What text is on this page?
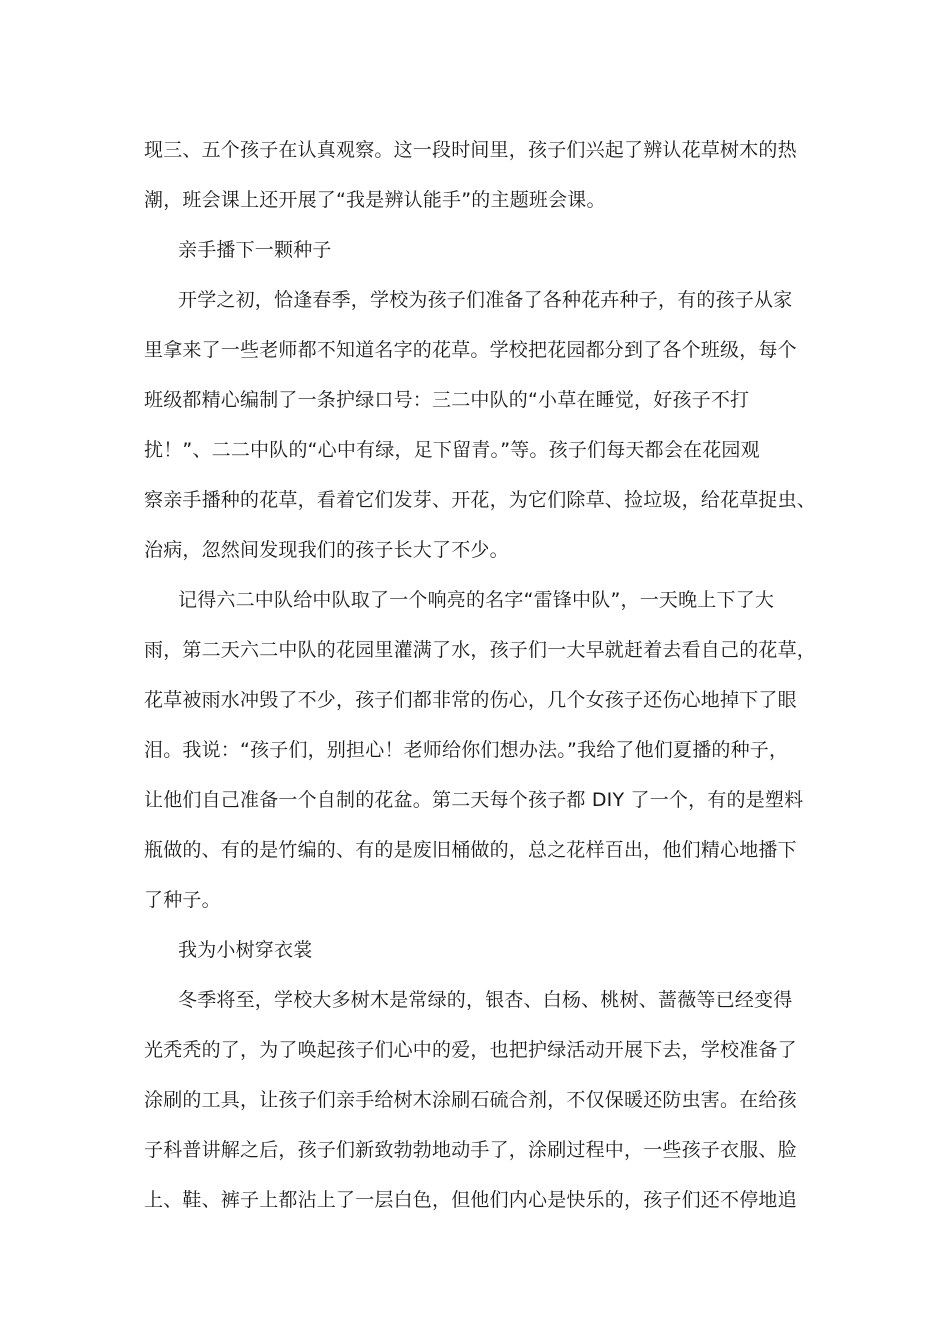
现三、五个孩子在认真观察。这一段时间里，孩子们兴起了辨认花草树木的热
潮，班会课上还开展了“我是辨认能手”的主题班会课。
亲手播下一颗种子
开学之初，恰逢春季，学校为孩子们准备了各种花卉种子，有的孩子从家
里拿来了一些老师都不知道名字的花草。学校把花园都分到了各个班级，每个
班级都精心编制了一条护绿口号：三二中队的“小草在睡觉，好孩子不打
扰！”、二二中队的“心中有绿，足下留青。”等。孩子们每天都会在花园观
察亲手播种的花草，看着它们发芽、开花，为它们除草、捡垃圾，给花草捉虫、
治病，忽然间发现我们的孩子长大了不少。
记得六二中队给中队取了一个响亮的名字“雷锋中队”，一天晚上下了大
雨，第二天六二中队的花园里灌满了水，孩子们一大早就赶着去看自己的花草，
花草被雨水冲毁了不少，孩子们都非常的伤心，几个女孩子还伤心地掉下了眼
泪。我说：“孩子们，别担心！老师给你们想办法。”我给了他们夏播的种子，
让他们自己准备一个自制的花盆。第二天每个孩子都 DIY 了一个，有的是塑料
瓶做的、有的是竹编的、有的是废旧桶做的，总之花样百出，他们精心地播下
了种子。
我为小树穿衣裳
冬季将至，学校大多树木是常绿的，银杏、白杨、桃树、蔷薇等已经变得
光秃秃的了，为了唤起孩子们心中的爱，也把护绿活动开展下去，学校准备了
涂刷的工具，让孩子们亲手给树木涂刷石硫合剂，不仅保暖还防虫害。在给孩
子科普讲解之后，孩子们新致勃勃地动手了，涂刷过程中，一些孩子衣服、脸
上、鞋、裤子上都沾上了一层白色，但他们内心是快乐的，孩子们还不停地追
